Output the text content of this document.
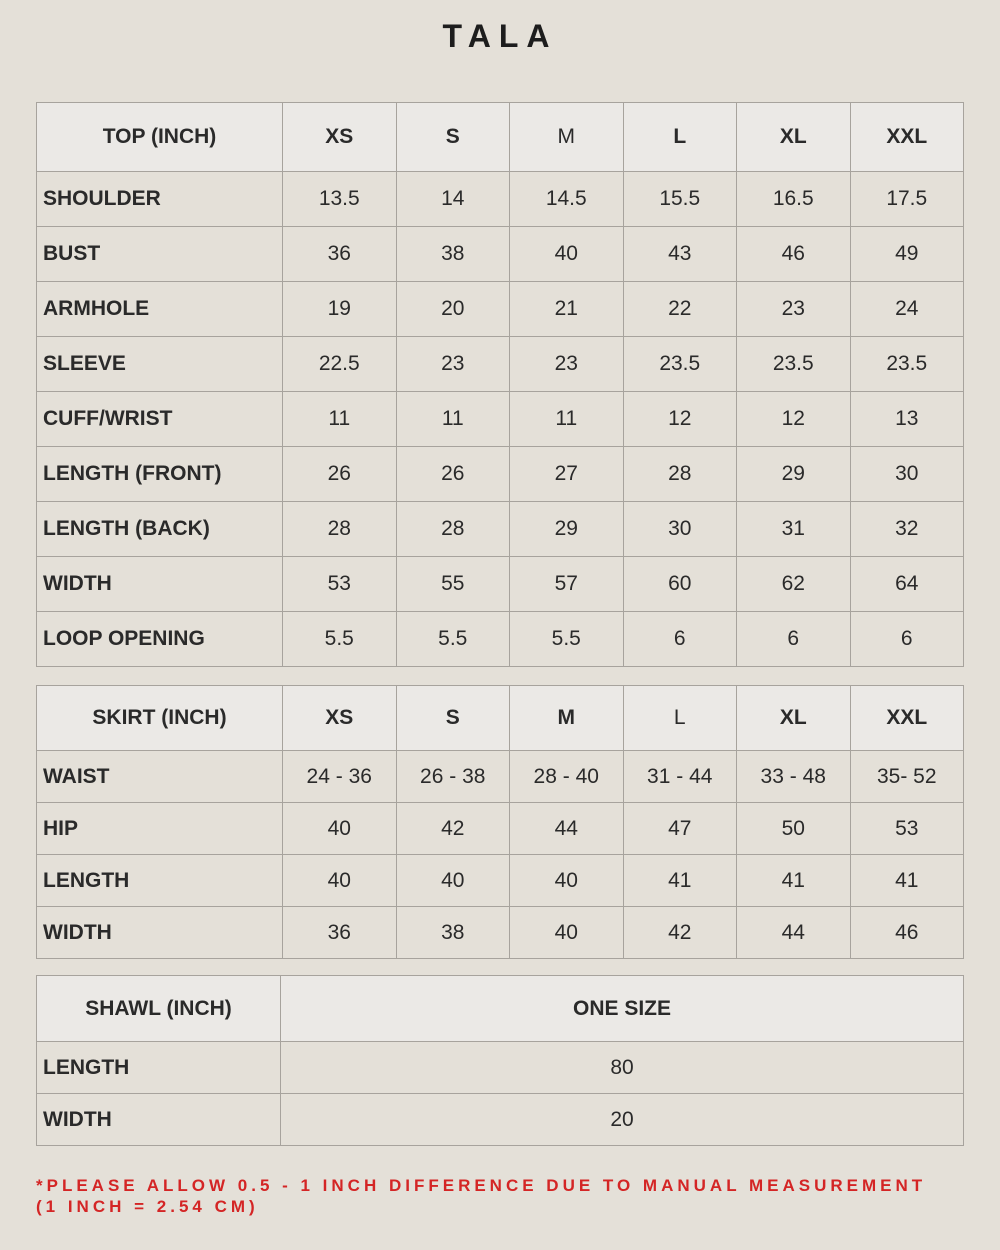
TALA
TOP (INCH)	XS	S	M	L	XL	XXL
SHOULDER	13.5	14	14.5	15.5	16.5	17.5
BUST	36	38	40	43	46	49
ARMHOLE	19	20	21	22	23	24
SLEEVE	22.5	23	23	23.5	23.5	23.5
CUFF/WRIST	11	11	11	12	12	13
LENGTH (FRONT)	26	26	27	28	29	30
LENGTH (BACK)	28	28	29	30	31	32
WIDTH	53	55	57	60	62	64
LOOP OPENING	5.5	5.5	5.5	6	6	6
SKIRT (INCH)	XS	S	M	L	XL	XXL
WAIST	24 - 36	26 - 38	28 - 40	31 - 44	33 - 48	35- 52
HIP	40	42	44	47	50	53
LENGTH	40	40	40	41	41	41
WIDTH	36	38	40	42	44	46
SHAWL (INCH)	ONE SIZE
LENGTH	80
WIDTH	20
*PLEASE ALLOW 0.5 - 1 INCH DIFFERENCE DUE TO MANUAL MEASUREMENT (1 INCH = 2.54 CM)
